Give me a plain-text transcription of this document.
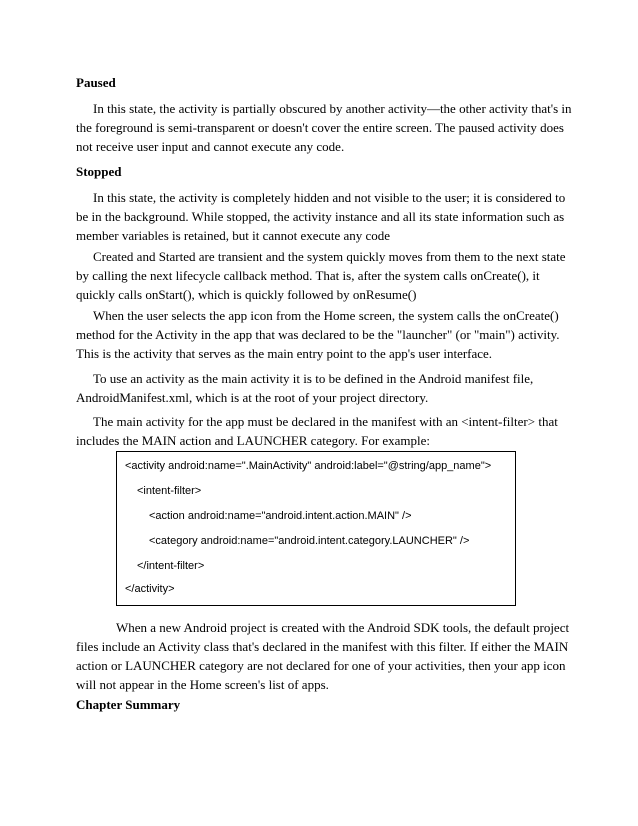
Paused

In this state, the activity is partially obscured by another activity—the other activity that's in the foreground is semi-transparent or doesn't cover the entire screen. The paused activity does not receive user input and cannot execute any code.

Stopped

In this state, the activity is completely hidden and not visible to the user; it is considered to be in the background. While stopped, the activity instance and all its state information such as member variables is retained, but it cannot execute any code

Created and Started are transient and the system quickly moves from them to the next state by calling the next lifecycle callback method. That is, after the system calls onCreate(), it quickly calls onStart(), which is quickly followed by onResume()

When the user selects the app icon from the Home screen, the system calls the onCreate() method for the Activity in the app that was declared to be the "launcher" (or "main") activity. This is the activity that serves as the main entry point to the app's user interface.

To use an activity as the main activity it is to be defined in the Android manifest file, AndroidManifest.xml, which is at the root of your project directory.

The main activity for the app must be declared in the manifest with an <intent-filter> that includes the MAIN action and LAUNCHER category. For example:

<activity android:name=".MainActivity" android:label="@string/app_name">
<intent-filter>
<action android:name="android.intent.action.MAIN" />
<category android:name="android.intent.category.LAUNCHER" />
</intent-filter>
</activity>

When a new Android project is created with the Android SDK tools, the default project files include an Activity class that's declared in the manifest with this filter. If either the MAIN action or LAUNCHER category are not declared for one of your activities, then your app icon will not appear in the Home screen's list of apps.

Chapter Summary
